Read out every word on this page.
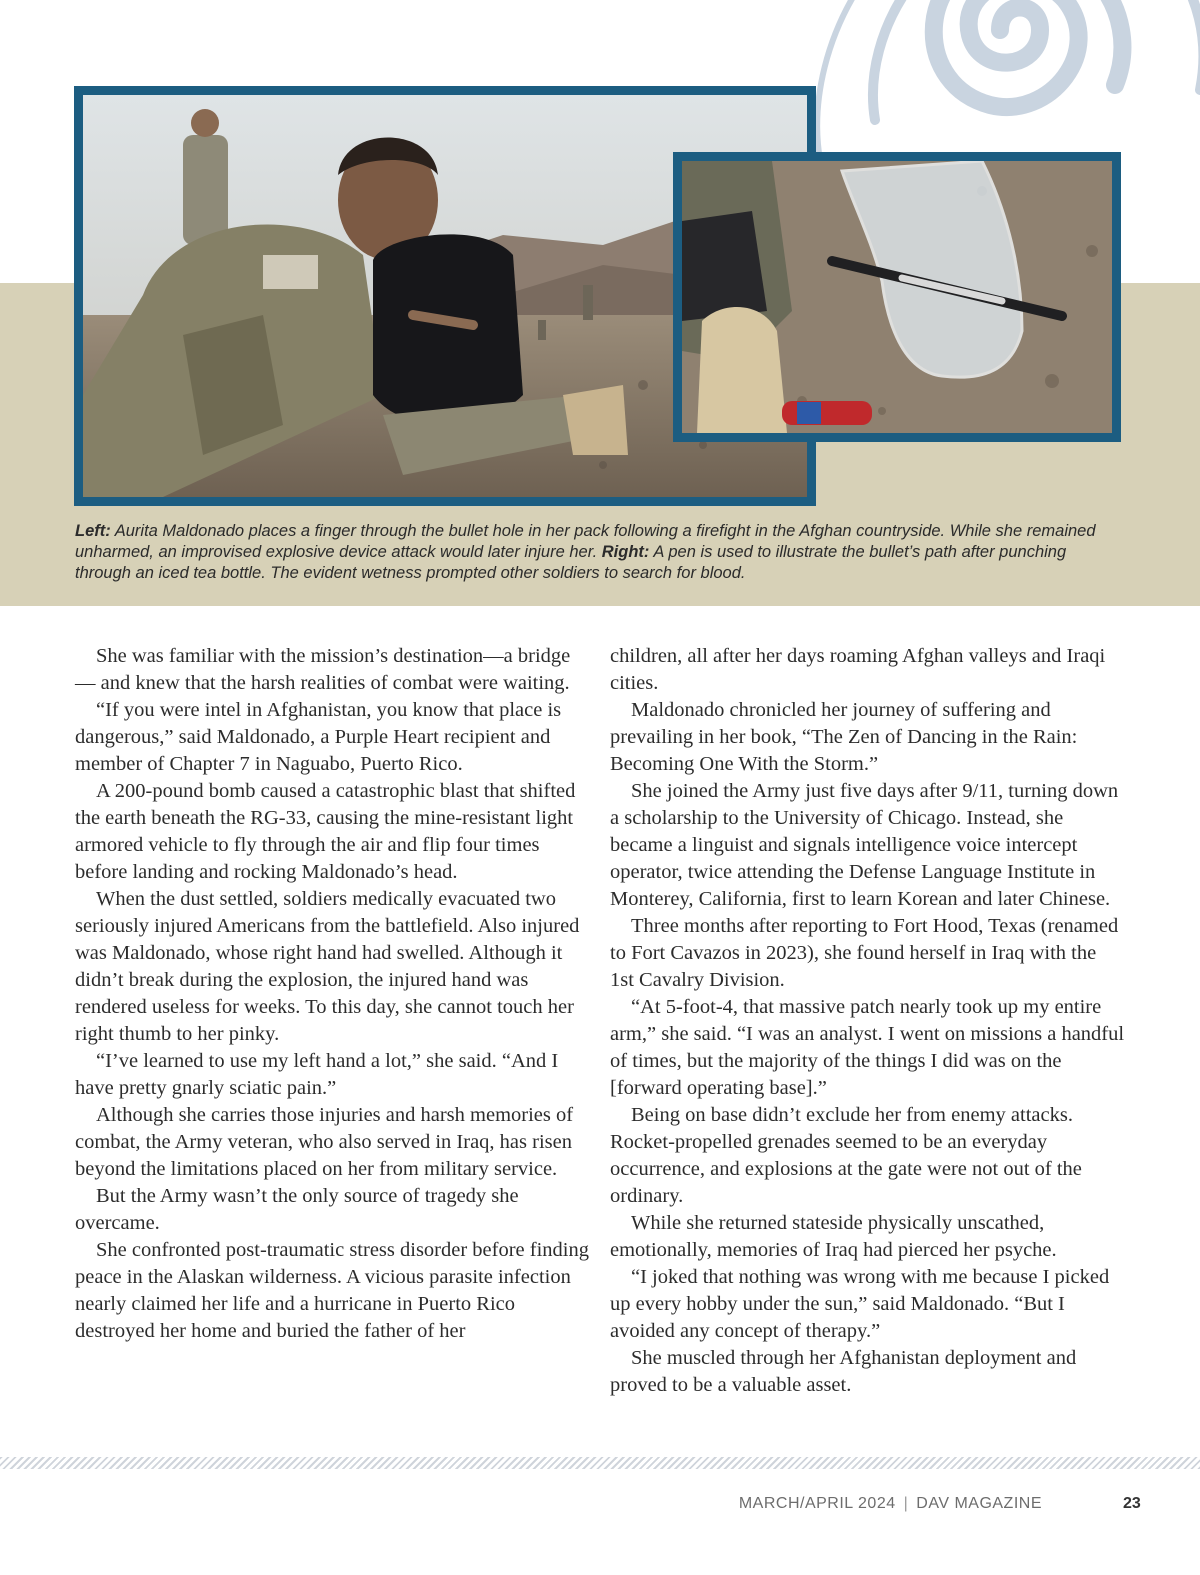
Left: Aurita Maldonado places a finger through the bullet hole in her pack following a firefight in the Afghan countryside. While she remained unharmed, an improvised explosive device attack would later injure her. Right: A pen is used to illustrate the bullet’s path after punching through an iced tea bottle. The evident wetness prompted other soldiers to search for blood.

She was familiar with the mission’s destination—a bridge— and knew that the harsh realities of combat were waiting.

“If you were intel in Afghanistan, you know that place is dangerous,” said Maldonado, a Purple Heart recipient and member of Chapter 7 in Naguabo, Puerto Rico.

A 200-pound bomb caused a catastrophic blast that shifted the earth beneath the RG-33, causing the mine-resistant light armored vehicle to fly through the air and flip four times before landing and rocking Maldonado’s head.

When the dust settled, soldiers medically evacuated two seriously injured Americans from the battlefield. Also injured was Maldonado, whose right hand had swelled. Although it didn’t break during the explosion, the injured hand was rendered useless for weeks. To this day, she cannot touch her right thumb to her pinky.

“I’ve learned to use my left hand a lot,” she said. “And I have pretty gnarly sciatic pain.”

Although she carries those injuries and harsh memories of combat, the Army veteran, who also served in Iraq, has risen beyond the limitations placed on her from military service.

But the Army wasn’t the only source of tragedy she overcame.

She confronted post-traumatic stress disorder before finding peace in the Alaskan wilderness. A vicious parasite infection nearly claimed her life and a hurricane in Puerto Rico destroyed her home and buried the father of her

children, all after her days roaming Afghan valleys and Iraqi cities.

Maldonado chronicled her journey of suffering and prevailing in her book, “The Zen of Dancing in the Rain: Becoming One With the Storm.”

She joined the Army just five days after 9/11, turning down a scholarship to the University of Chicago. Instead, she became a linguist and signals intelligence voice intercept operator, twice attending the Defense Language Institute in Monterey, California, first to learn Korean and later Chinese.

Three months after reporting to Fort Hood, Texas (renamed to Fort Cavazos in 2023), she found herself in Iraq with the 1st Cavalry Division.

“At 5-foot-4, that massive patch nearly took up my entire arm,” she said. “I was an analyst. I went on missions a handful of times, but the majority of the things I did was on the [forward operating base].”

Being on base didn’t exclude her from enemy attacks. Rocket-propelled grenades seemed to be an everyday occurrence, and explosions at the gate were not out of the ordinary.

While she returned stateside physically unscathed, emotionally, memories of Iraq had pierced her psyche.

“I joked that nothing was wrong with me because I picked up every hobby under the sun,” said Maldonado. “But I avoided any concept of therapy.”

She muscled through her Afghanistan deployment and proved to be a valuable asset.

MARCH/APRIL 2024 | DAV MAGAZINE	23
